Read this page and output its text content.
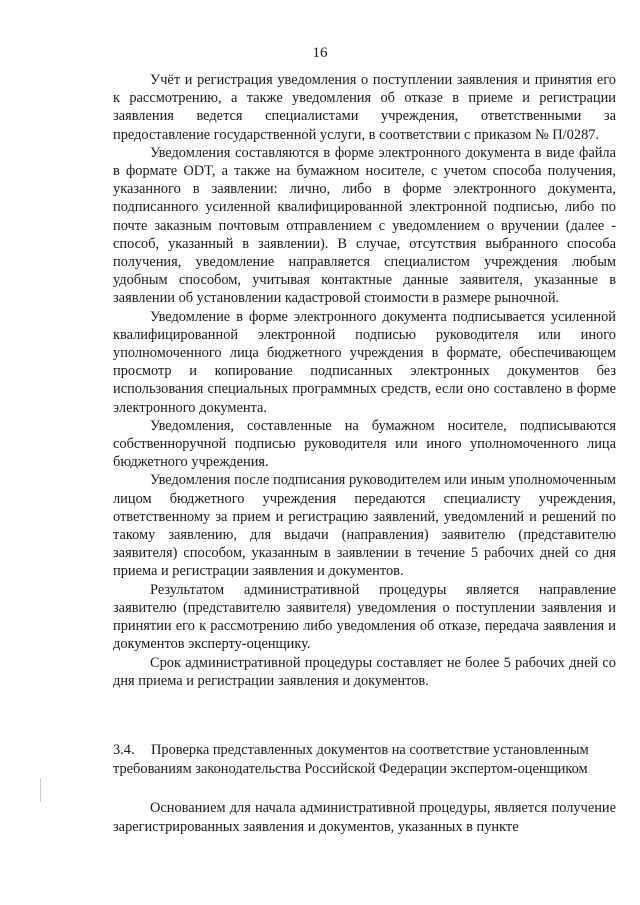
16

Учёт и регистрация уведомления о поступлении заявления и принятия его к рассмотрению, а также уведомления об отказе в приеме и регистрации заявления ведется специалистами учреждения, ответственными за предоставление государственной услуги, в соответствии с приказом № П/0287.

Уведомления составляются в форме электронного документа в виде файла в формате ODT, а также на бумажном носителе, с учетом способа получения, указанного в заявлении: лично, либо в форме электронного документа, подписанного усиленной квалифицированной электронной подписью, либо по почте заказным почтовым отправлением с уведомлением о вручении (далее - способ, указанный в заявлении). В случае, отсутствия выбранного способа получения, уведомление направляется специалистом учреждения любым удобным способом, учитывая контактные данные заявителя, указанные в заявлении об установлении кадастровой стоимости в размере рыночной.

Уведомление в форме электронного документа подписывается усиленной квалифицированной электронной подписью руководителя или иного уполномоченного лица бюджетного учреждения в формате, обеспечивающем просмотр и копирование подписанных электронных документов без использования специальных программных средств, если оно составлено в форме электронного документа.

Уведомления, составленные на бумажном носителе, подписываются собственноручной подписью руководителя или иного уполномоченного лица бюджетного учреждения.

Уведомления после подписания руководителем или иным уполномоченным лицом бюджетного учреждения передаются специалисту учреждения, ответственному за прием и регистрацию заявлений, уведомлений и решений по такому заявлению, для выдачи (направления) заявителю (представителю заявителя) способом, указанным в заявлении в течение 5 рабочих дней со дня приема и регистрации заявления и документов.

Результатом административной процедуры является направление заявителю (представителю заявителя) уведомления о поступлении заявления и принятии его к рассмотрению либо уведомления об отказе, передача заявления и документов эксперту-оценщику.

Срок административной процедуры составляет не более 5 рабочих дней со дня приема и регистрации заявления и документов.

3.4. Проверка представленных документов на соответствие установленным требованиям законодательства Российской Федерации экспертом-оценщиком

Основанием для начала административной процедуры, является получение зарегистрированных заявления и документов, указанных в пункте
